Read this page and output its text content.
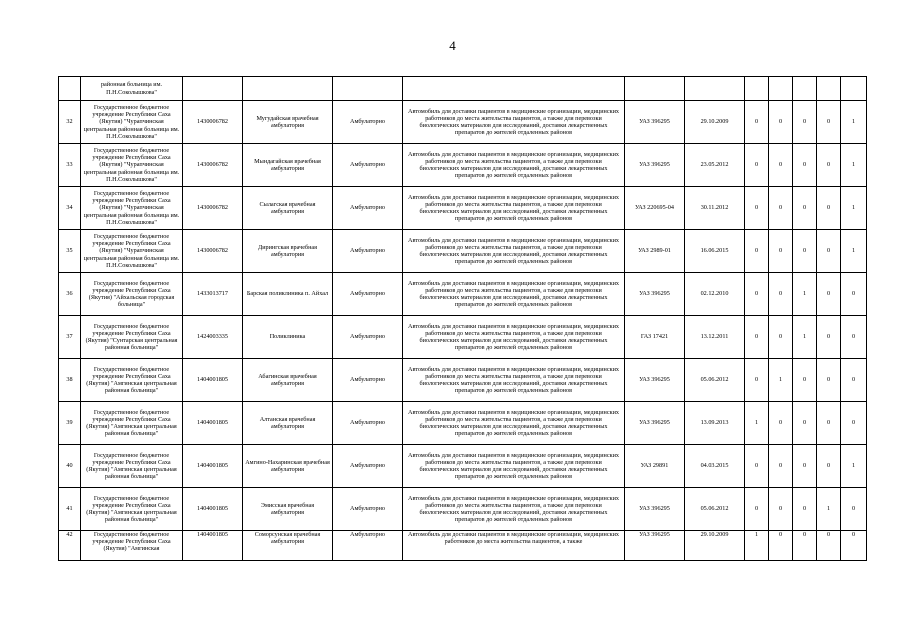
4
	районная больница им. П.Н.Соколышкова"											
32	Государственное бюджетное учреждение Республики Саха (Якутия) "Чурапчинская центральная районная больница им. П.Н.Соколышкова"	1430006782	Мугудайская врачебная амбулатория	Амбулаторно	Автомобиль для доставки пациентов в медицинские организации, медицинских работников до места жительства пациентов, а также для перевозки биологических материалов для исследований, доставки лекарственных препаратов до жителей отдаленных районов	УАЗ 396295	29.10.2009	0	0	0	0	1
33	Государственное бюджетное учреждение Республики Саха (Якутия) "Чурапчинская центральная районная больница им. П.Н.Соколышкова"	1430006782	Мындагайская врачебная амбулатория	Амбулаторно	Автомобиль для доставки пациентов в медицинские организации, медицинских работников до места жительства пациентов, а также для перевозки биологических материалов для исследований, доставки лекарственных препаратов до жителей отдаленных районов	УАЗ 396295	23.05.2012	0	0	0	0	1
34	Государственное бюджетное учреждение Республики Саха (Якутия) "Чурапчинская центральная районная больница им. П.Н.Соколышкова"	1430006782	Сылагская врачебная амбулатория	Амбулаторно	Автомобиль для доставки пациентов в медицинские организации, медицинских работников до места жительства пациентов, а также для перевозки биологических материалов для исследований, доставки лекарственных препаратов до жителей отдаленных районов	УАЗ 220695-04	30.11.2012	0	0	0	0	1
35	Государственное бюджетное учреждение Республики Саха (Якутия) "Чурапчинская центральная районная больница им. П.Н.Соколышкова"	1430006782	Дирингская врачебная амбулатория	Амбулаторно	Автомобиль для доставки пациентов в медицинские организации, медицинских работников до места жительства пациентов, а также для перевозки биологических материалов для исследований, доставки лекарственных препаратов до жителей отдаленных районов	УАЗ 2989-01	16.06.2015	0	0	0	0	1
36	Государственное бюджетное учреждение Республики Саха (Якутия) "Айхальская городская больница"	1433013717	Барская поликлиника п. Айхал	Амбулаторно	Автомобиль для доставки пациентов в медицинские организации, медицинских работников до места жительства пациентов, а также для перевозки биологических материалов для исследований, доставки лекарственных препаратов до жителей отдаленных районов	УАЗ 396295	02.12.2010	0	0	1	0	0
37	Государственное бюджетное учреждение Республики Саха (Якутия) "Сунтарская центральная районная больница"	1424003335	Поликлиника	Амбулаторно	Автомобиль для доставки пациентов в медицинские организации, медицинских работников до места жительства пациентов, а также для перевозки биологических материалов для исследований, доставки лекарственных препаратов до жителей отдаленных районов	ГАЗ 17421	13.12.2011	0	0	1	0	0
38	Государственное бюджетное учреждение Республики Саха (Якутия) "Амгинская центральная районная больница"	1404001805	Абагинская врачебная амбулатория	Амбулаторно	Автомобиль для доставки пациентов в медицинские организации, медицинских работников до места жительства пациентов, а также для перевозки биологических материалов для исследований, доставки лекарственных препаратов до жителей отдаленных районов	УАЗ 396295	05.06.2012	0	1	0	0	0
39	Государственное бюджетное учреждение Республики Саха (Якутия) "Амгинская центральная районная больница"	1404001805	Алтанская врачебная амбулатория	Амбулаторно	Автомобиль для доставки пациентов в медицинские организации, медицинских работников до места жительства пациентов, а также для перевозки биологических материалов для исследований, доставки лекарственных препаратов до жителей отдаленных районов	УАЗ 396295	13.09.2013	1	0	0	0	0
40	Государственное бюджетное учреждение Республики Саха (Якутия) "Амгинская центральная районная больница"	1404001805	Амгино-Нахаринская врачебная амбулатория	Амбулаторно	Автомобиль для доставки пациентов в медицинские организации, медицинских работников до места жительства пациентов, а также для перевозки биологических материалов для исследований, доставки лекарственных препаратов до жителей отдаленных районов	УАЗ 29891	04.03.2015	0	0	0	0	1
41	Государственное бюджетное учреждение Республики Саха (Якутия) "Амгинская центральная районная больница"	1404001805	Эмисская врачебная амбулатория	Амбулаторно	Автомобиль для доставки пациентов в медицинские организации, медицинских работников до места жительства пациентов, а также для перевозки биологических материалов для исследований, доставки лекарственных препаратов до жителей отдаленных районов	УАЗ 396295	05.06.2012	0	0	0	1	0
42	Государственное бюджетное учреждение Республики Саха (Якутия) "Амгинская	1404001805	Соморсунская врачебная амбулатория	Амбулаторно	Автомобиль для доставки пациентов в медицинские организации, медицинских работников до места жительства пациентов, а также	УАЗ 396295	29.10.2009	1	0	0	0	0
